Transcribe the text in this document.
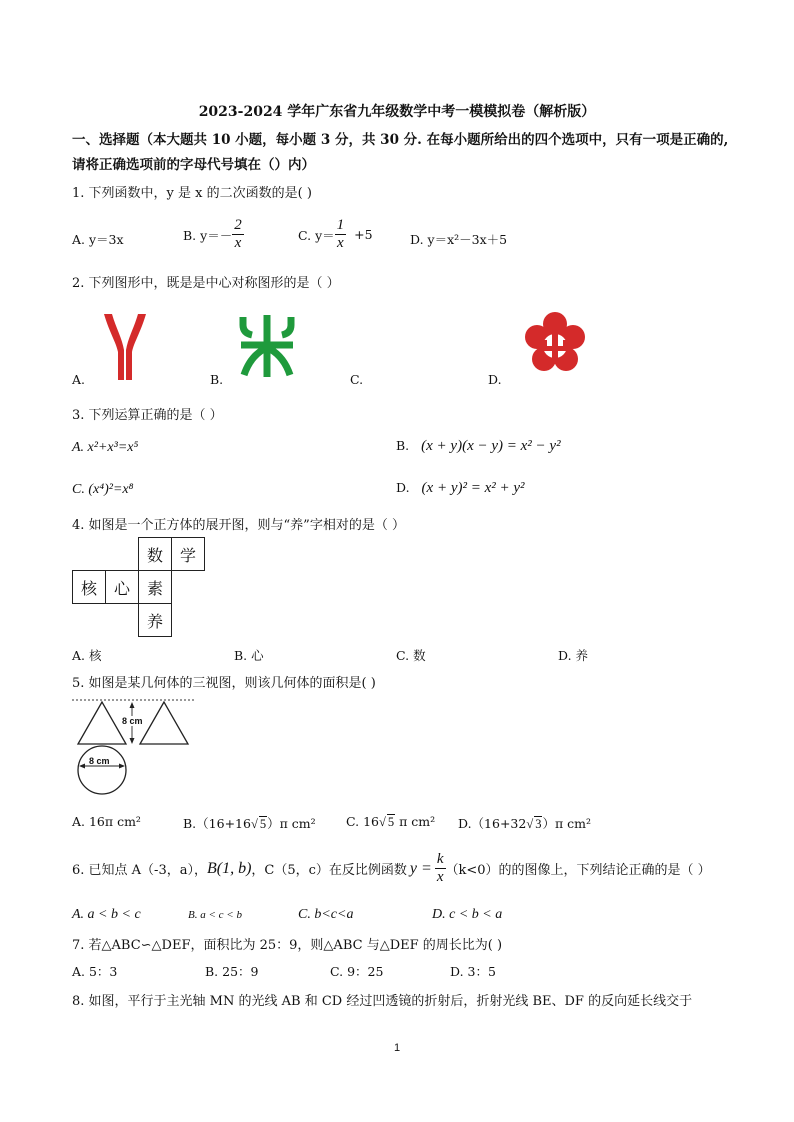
2023-2024 学年广东省九年级数学中考一模模拟卷（解析版）
一、选择题（本大题共 10 小题，每小题 3 分，共 30 分. 在每小题所给出的四个选项中，只有一项是正确的,
请将正确选项前的字母代号填在（）内）
1. 下列函数中，y 是 x 的二次函数的是( )
A. y＝3x	B. $y=- \frac{2}{x}$	C. $y= \frac{1}{x} +5$	D. y＝x²－3x＋5
2. 下列图形中，既是是中心对称图形的是（ ）
A.	B.	C.	D.
3. 下列运算正确的是（ ）
A. x²+x³=x⁵	B. (x + y)(x − y) = x² − y²
C. (x⁴)²=x⁸	D. (x + y)² = x² + y²
4. 如图是一个正方体的展开图，则与“养”字相对的是（ ）
数	学
核	心	素
养
A. 核	B. 心	C. 数	D. 养
5. 如图是某几何体的三视图，则该几何体的面积是( )
8 cm
8 cm
A. 16π cm²	B.（16+16√ 5）π cm² C. 16√ 5 π cm² D.（16+32√ 3）π cm²
6. 已知点 A（-3，a）， B(1, b) ，C（5，c）在反比例函数 $y = \frac{k}{x} (k<0)$的的图像上，下列结论正确的是（ ）
A. a < b < c	B. a < c < b	C. b<c<a	D. c < b < a
7. 若△ABC∽△DEF，面积比为 25：9，则△ABC 与△DEF 的周长比为( )
A. 5：3	B. 25：9	C. 9：25	D. 3：5
8. 如图，平行于主光轴 MN 的光线 AB 和 CD 经过凹透镜的折射后，折射光线 BE、DF 的反向延长线交于
1
